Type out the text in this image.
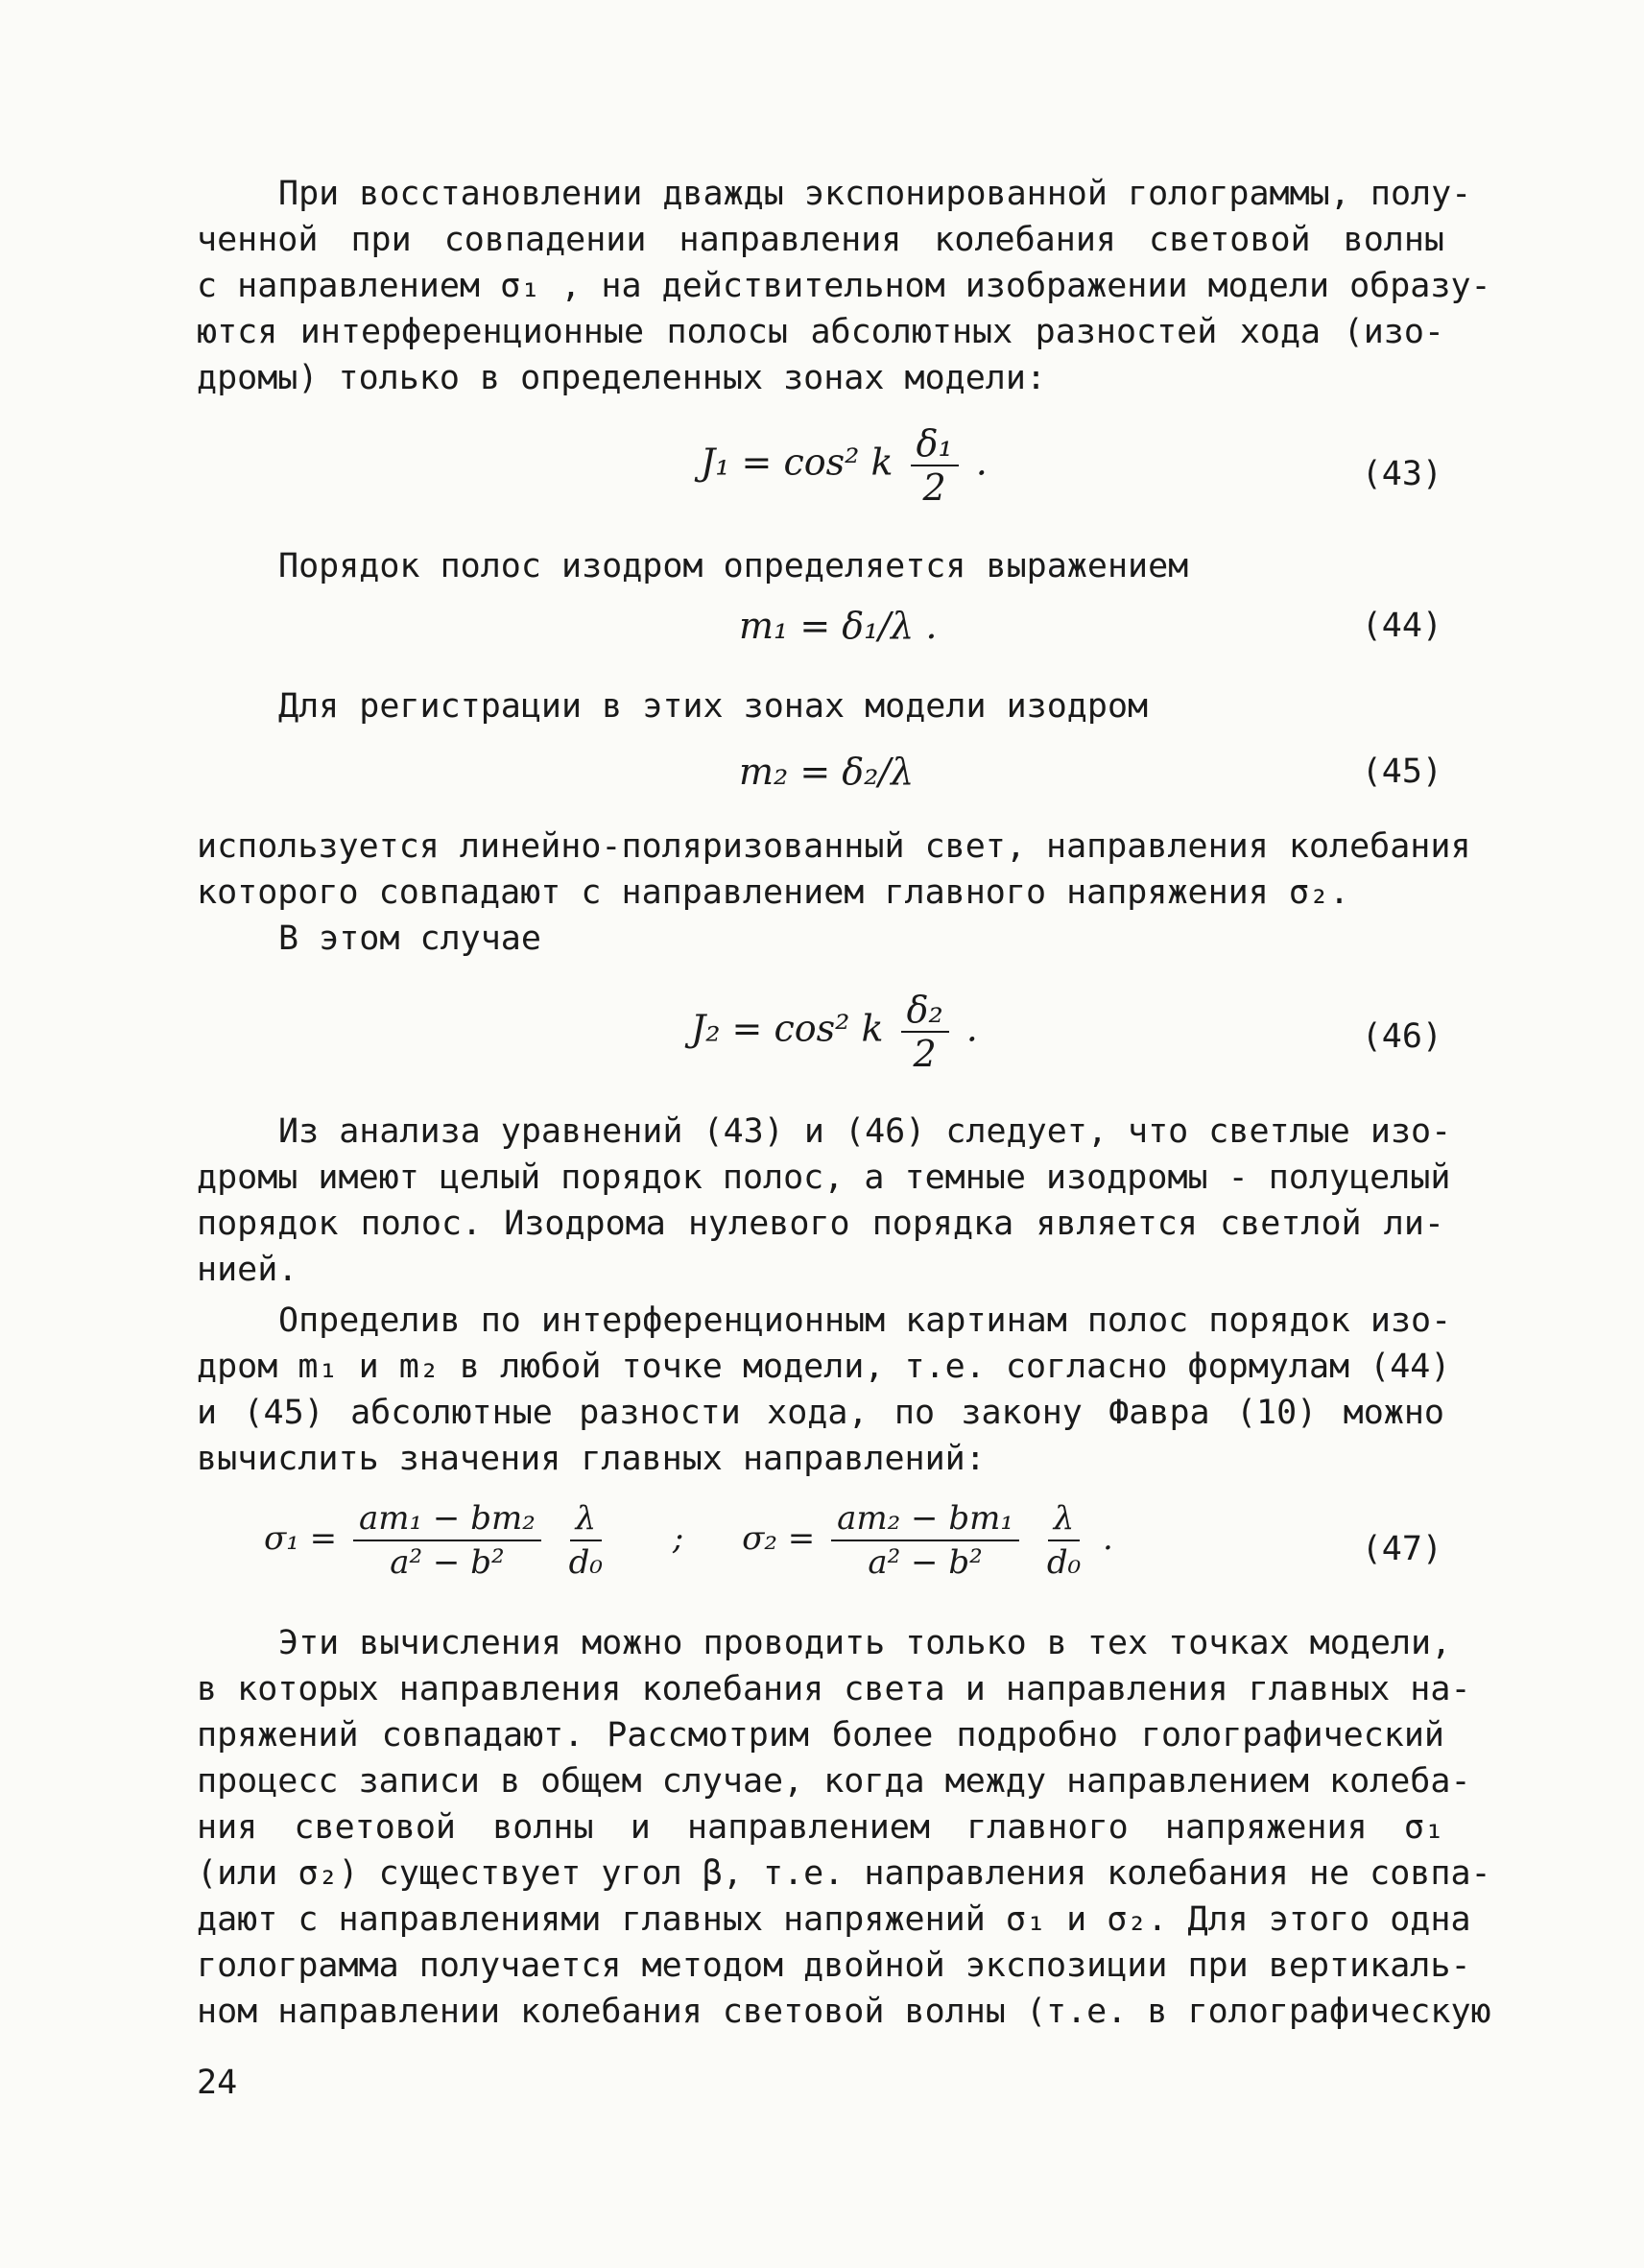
При восстановлении дважды экспонированной голограммы, полу-
ченной при совпадении направления колебания световой волны
с направлением σ₁ , на действительном изображении модели образу-
ются интерференционные полосы абсолютных разностей хода (изо-
дромы) только в определенных зонах модели:
J₁ = cos² k $\frac{\text{δ₁}}{2}$ .	(43)
Порядок полос изодром определяется выражением
m₁ = δ₁/λ .	(44)
Для регистрации в этих зонах модели изодром
m₂ = δ₂/λ	(45)
используется линейно-поляризованный свет, направления колебания
которого совпадают с направлением главного напряжения σ₂.
В этом случае
J₂ = cos² k $\frac{\text{δ₂}}{2}$ .	(46)
Из анализа уравнений (43) и (46) следует, что светлые изо-
дромы имеют целый порядок полос, а темные изодромы - полуцелый
порядок полос. Изодрома нулевого порядка является светлой ли-
нией.
Определив по интерференционным картинам полос порядок изо-
дром m₁ и m₂ в любой точке модели, т.е. согласно формулам (44)
и (45) абсолютные разности хода, по закону Фавра (10) можно
вычислить значения главных направлений:
$\sigma_1 = \frac{\text{am₁ − bm₂}}{\text{a² − b²}}$
$\frac{\lambda}{\text{d₀}}$ ; $\sigma_2 = \frac{\text{am₂ − bm₁}}{\text{a² − b²}}$
$\frac{\lambda}{\text{d₀}}$ .	(47)
Эти вычисления можно проводить только в тех точках модели,
в которых направления колебания света и направления главных на-
пряжений совпадают. Рассмотрим более подробно голографический
процесс записи в общем случае, когда между направлением колеба-
ния световой волны и направлением главного напряжения σ₁
(или σ₂) существует угол β, т.е. направления колебания не совпа-
дают с направлениями главных напряжений σ₁ и σ₂. Для этого одна
голограмма получается методом двойной экспозиции при вертикаль-
ном направлении колебания световой волны (т.е. в голографическую
24
